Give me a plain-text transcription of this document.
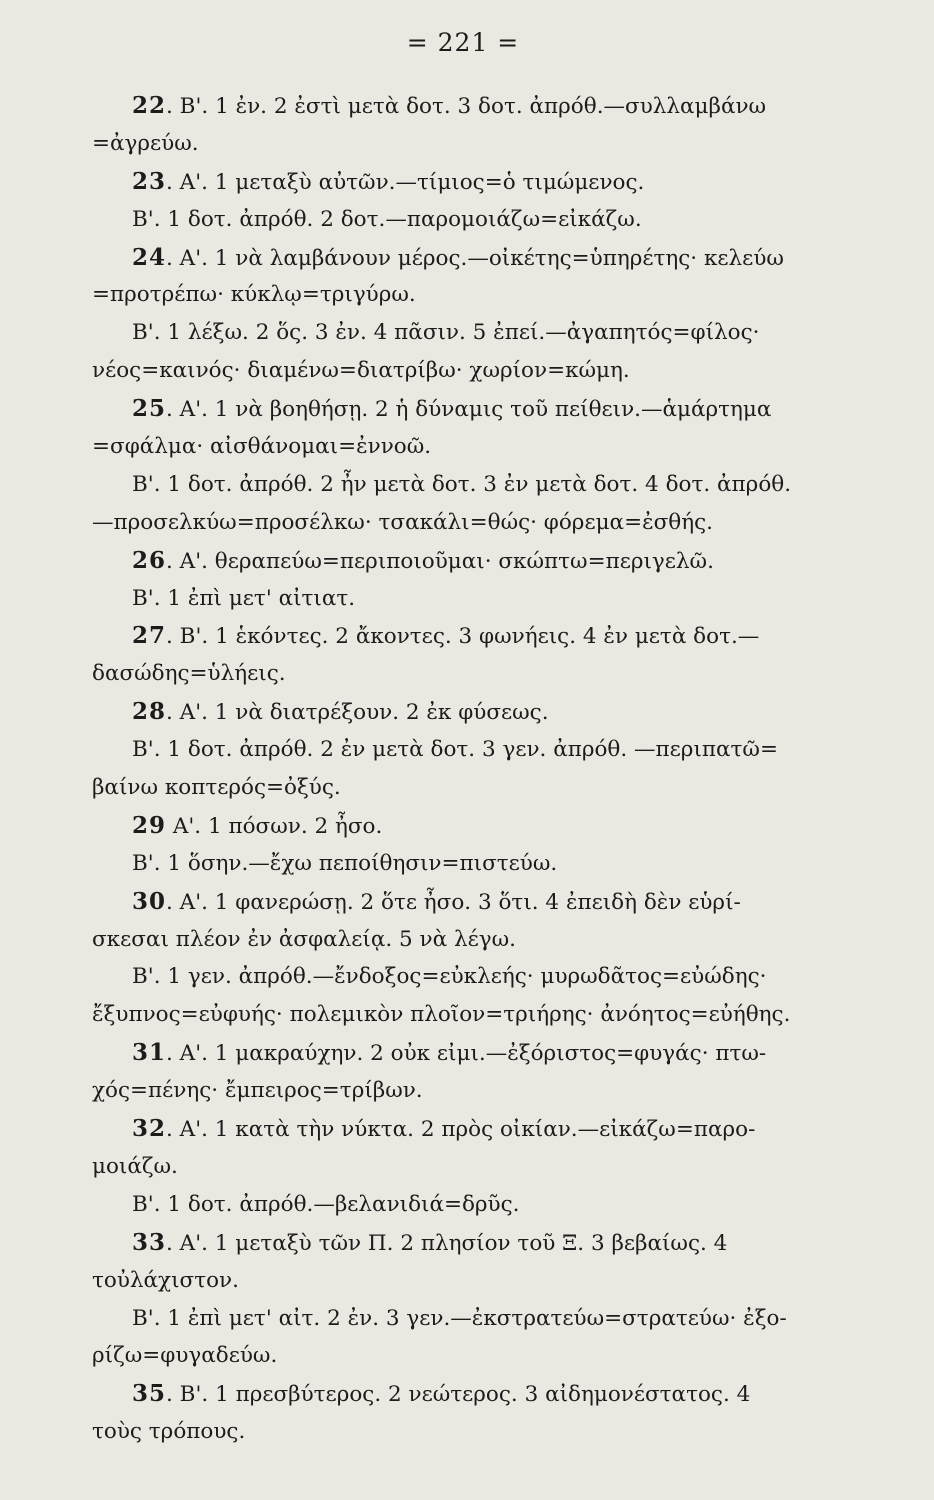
= 221 =
22. Β'. 1 ἐν. 2 ἐστὶ μετὰ δοτ. 3 δοτ. ἀπρόθ.—συλλαμβάνω
=ἀγρεύω.
23. Α'. 1 μεταξὺ αὐτῶν.—τίμιος=ὁ τιμώμενος.
Β'. 1 δοτ. ἀπρόθ. 2 δοτ.—παρομοιάζω=εἰκάζω.
24. Α'. 1 νὰ λαμβάνουν μέρος.—οἰκέτης=ὑπηρέτης· κελεύω
=προτρέπω· κύκλῳ=τριγύρω.
Β'. 1 λέξω. 2 ὅς. 3 ἐν. 4 πᾶσιν. 5 ἐπεί.—ἀγαπητός=φίλος·
νέος=καινός· διαμένω=διατρίβω· χωρίον=κώμη.
25. Α'. 1 νὰ βοηθήσῃ. 2 ἡ δύναμις τοῦ πείθειν.—ἁμάρτημα
=σφάλμα· αἰσθάνομαι=ἐννοῶ.
Β'. 1 δοτ. ἀπρόθ. 2 ἦν μετὰ δοτ. 3 ἐν μετὰ δοτ. 4 δοτ. ἀπρόθ.
—προσελκύω=προσέλκω· τσακάλι=θώς· φόρεμα=ἐσθής.
26. Α'. θεραπεύω=περιποιοῦμαι· σκώπτω=περιγελῶ.
Β'. 1 ἐπὶ μετ' αἰτιατ.
27. Β'. 1 ἑκόντες. 2 ἄκοντες. 3 φωνήεις. 4 ἐν μετὰ δοτ.—
δασώδης=ὑλήεις.
28. Α'. 1 νὰ διατρέξουν. 2 ἐκ φύσεως.
Β'. 1 δοτ. ἀπρόθ. 2 ἐν μετὰ δοτ. 3 γεν. ἀπρόθ. —περιπατῶ=
βαίνω κοπτερός=ὀξύς.
29 Α'. 1 πόσων. 2 ἦσο.
Β'. 1 ὅσην.—ἔχω πεποίθησιν=πιστεύω.
30. Α'. 1 φανερώσῃ. 2 ὅτε ἦσο. 3 ὅτι. 4 ἐπειδὴ δὲν εὑρί-
σκεσαι πλέον ἐν ἀσφαλείᾳ. 5 νὰ λέγω.
Β'. 1 γεν. ἀπρόθ.—ἔνδοξος=εὐκλεής· μυρωδᾶτος=εὐώδης·
ἔξυπνος=εὐφυής· πολεμικὸν πλοῖον=τριήρης· ἀνόητος=εὐήθης.
31. Α'. 1 μακραύχην. 2 οὐκ εἰμι.—ἐξόριστος=φυγάς· πτω-
χός=πένης· ἔμπειρος=τρίβων.
32. Α'. 1 κατὰ τὴν νύκτα. 2 πρὸς οἰκίαν.—εἰκάζω=παρο-
μοιάζω.
Β'. 1 δοτ. ἀπρόθ.—βελανιδιά=δρῦς.
33. Α'. 1 μεταξὺ τῶν Π. 2 πλησίον τοῦ Ξ. 3 βεβαίως. 4
τοὐλάχιστον.
Β'. 1 ἐπὶ μετ' αἰτ. 2 ἐν. 3 γεν.—ἐκστρατεύω=στρατεύω· ἐξο-
ρίζω=φυγαδεύω.
35. Β'. 1 πρεσβύτερος. 2 νεώτερος. 3 αἰδημονέστατος. 4
τοὺς τρόπους.
